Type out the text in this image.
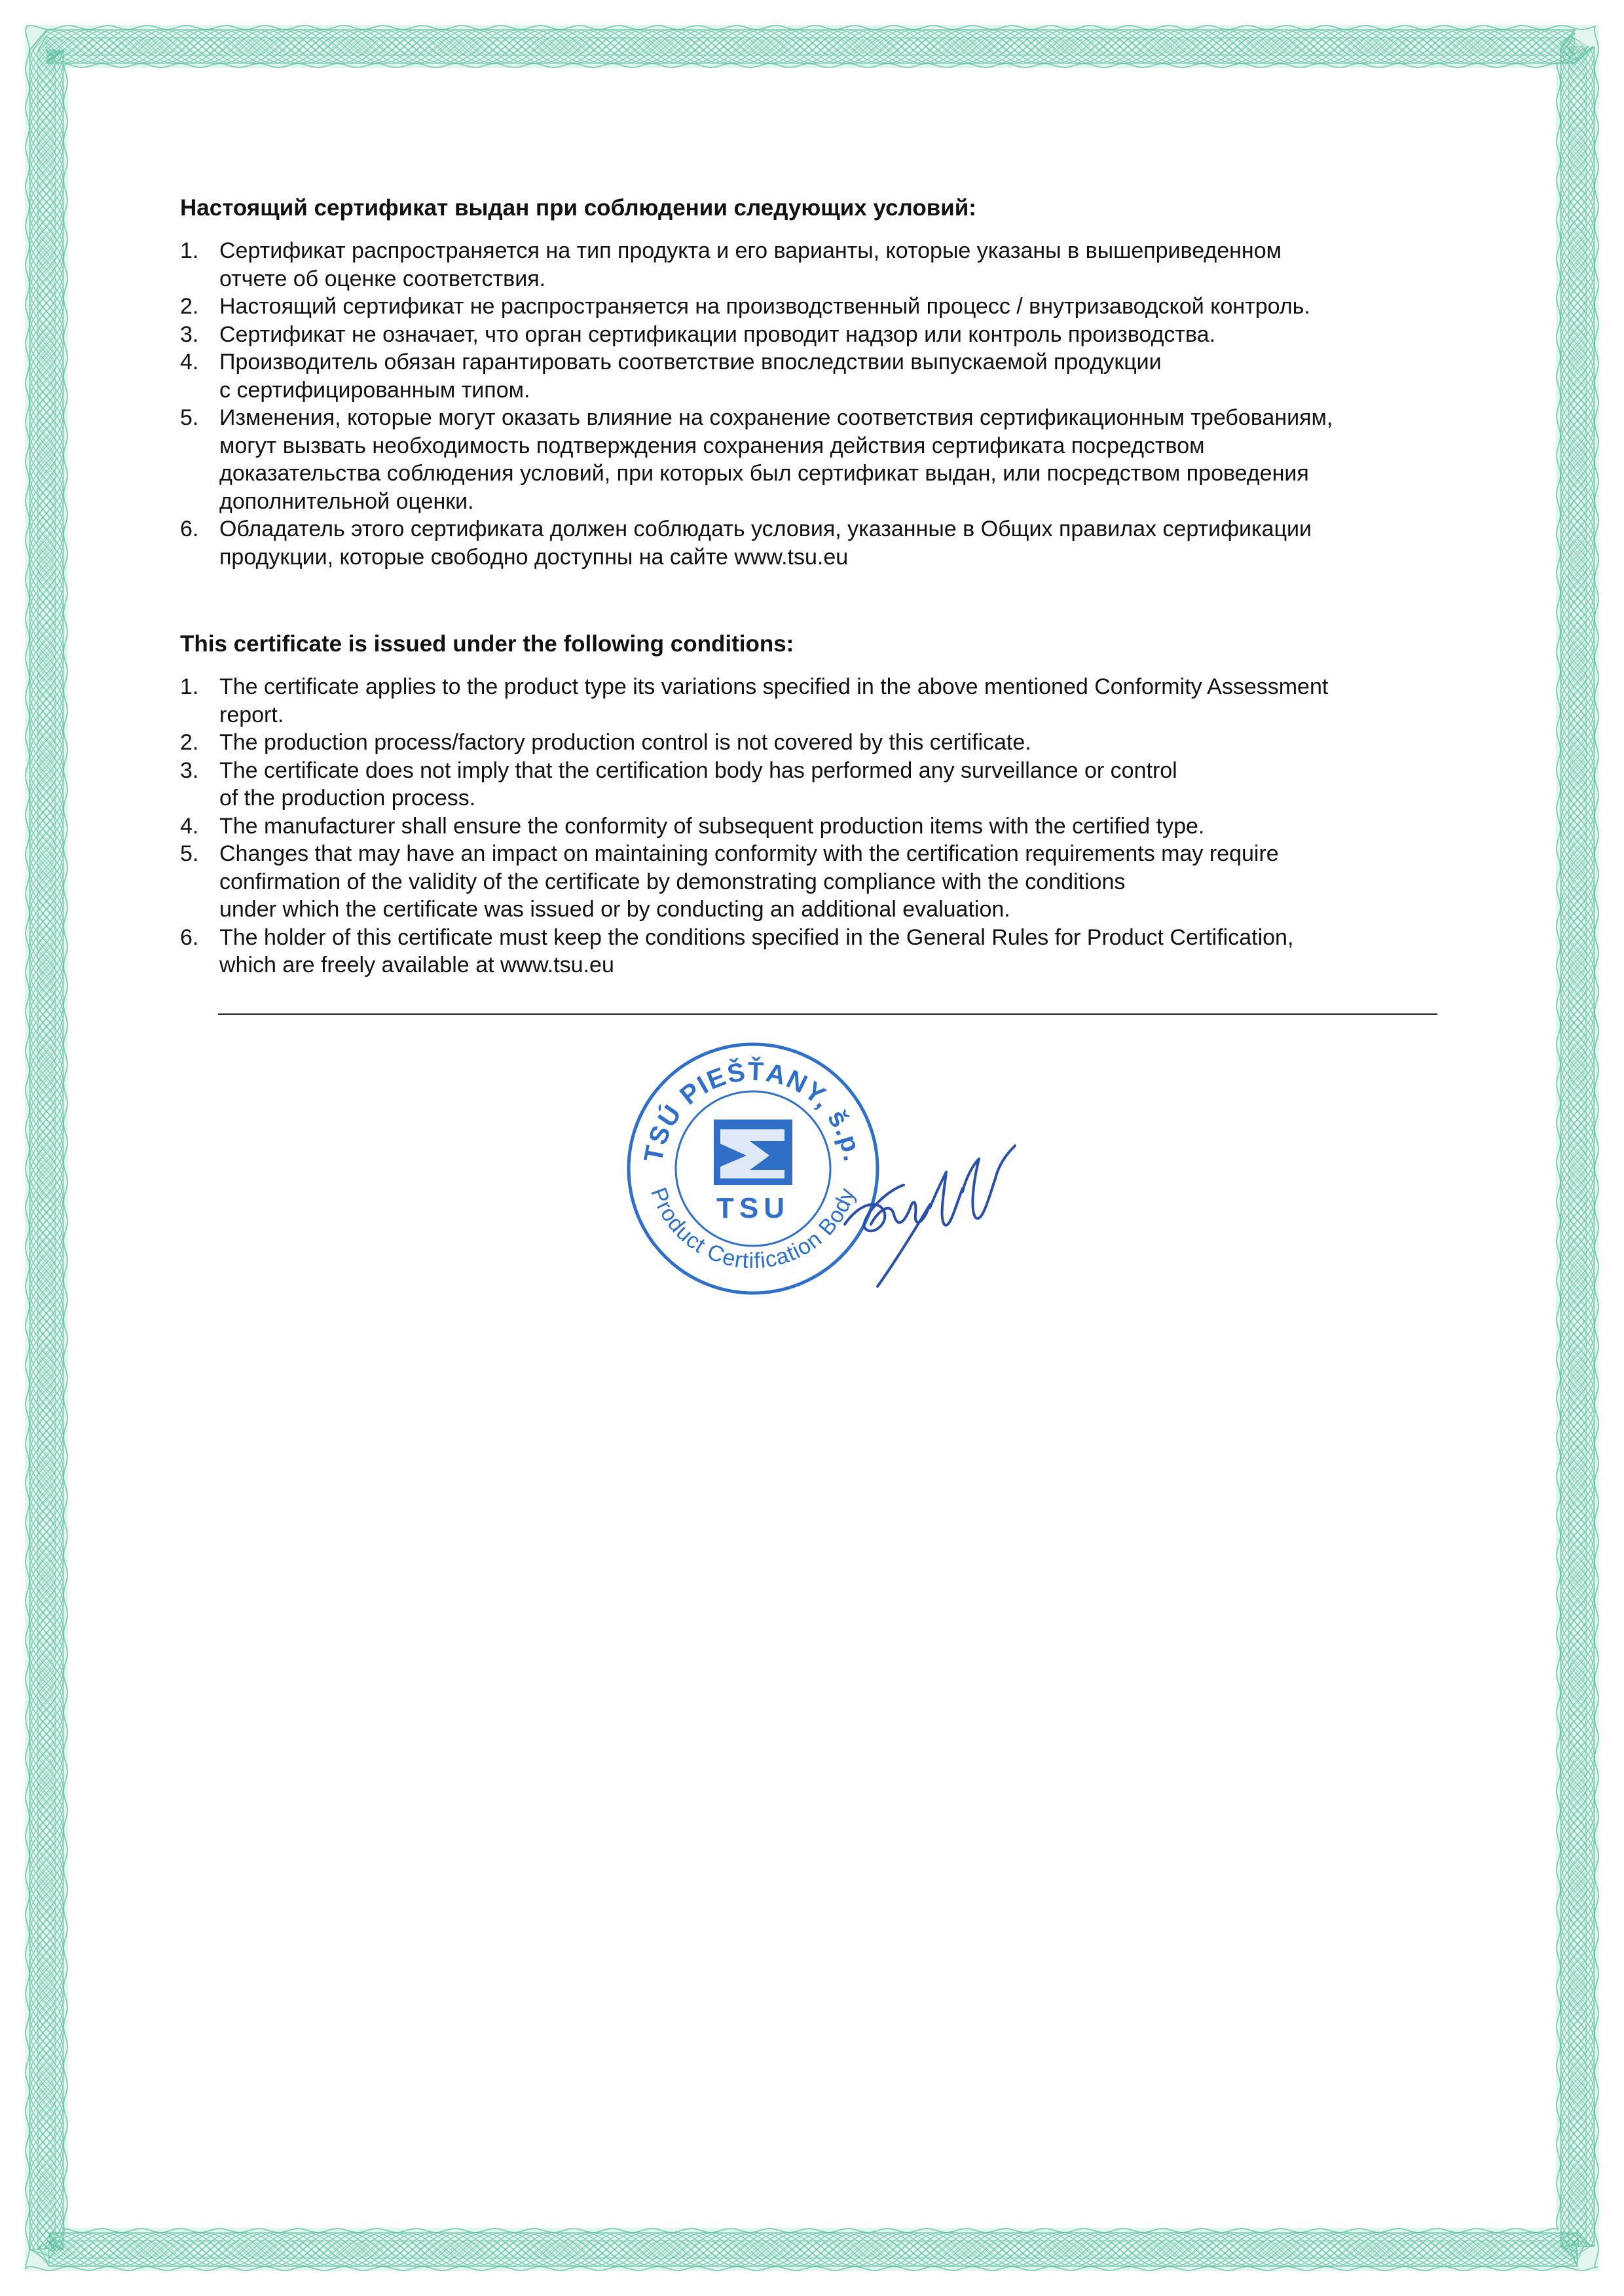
Настоящий сертификат выдан при соблюдении следующих условий:
1. Сертификат распространяется на тип продукта и его варианты, которые указаны в вышеприведенном
отчете об оценке соответствия.
2. Настоящий сертификат не распространяется на производственный процесс / внутризаводской контроль.
3. Сертификат не означает, что орган сертификации проводит надзор или контроль производства.
4. Производитель обязан гарантировать соответствие впоследствии выпускаемой продукции
с сертифицированным типом.
5. Изменения, которые могут оказать влияние на сохранение соответствия сертификационным требованиям,
могут вызвать необходимость подтверждения сохранения действия сертификата посредством
доказательства соблюдения условий, при которых был сертификат выдан, или посредством проведения
дополнительной оценки.
6. Обладатель этого сертификата должен соблюдать условия, указанные в Общих правилах сертификации
продукции, которые свободно доступны на сайте www.tsu.eu
This certificate is issued under the following conditions:
1. The certificate applies to the product type its variations specified in the above mentioned Conformity Assessment
report.
2. The production process/factory production control is not covered by this certificate.
3. The certificate does not imply that the certification body has performed any surveillance or control
of the production process.
4. The manufacturer shall ensure the conformity of subsequent production items with the certified type.
5. Changes that may have an impact on maintaining conformity with the certification requirements may require
confirmation of the validity of the certificate by demonstrating compliance with the conditions
under which the certificate was issued or by conducting an additional evaluation.
6. The holder of this certificate must keep the conditions specified in the General Rules for Product Certification,
which are freely available at www.tsu.eu
TSÚ PIEŠŤANY, š.p.
Product Certification Body
TSU
